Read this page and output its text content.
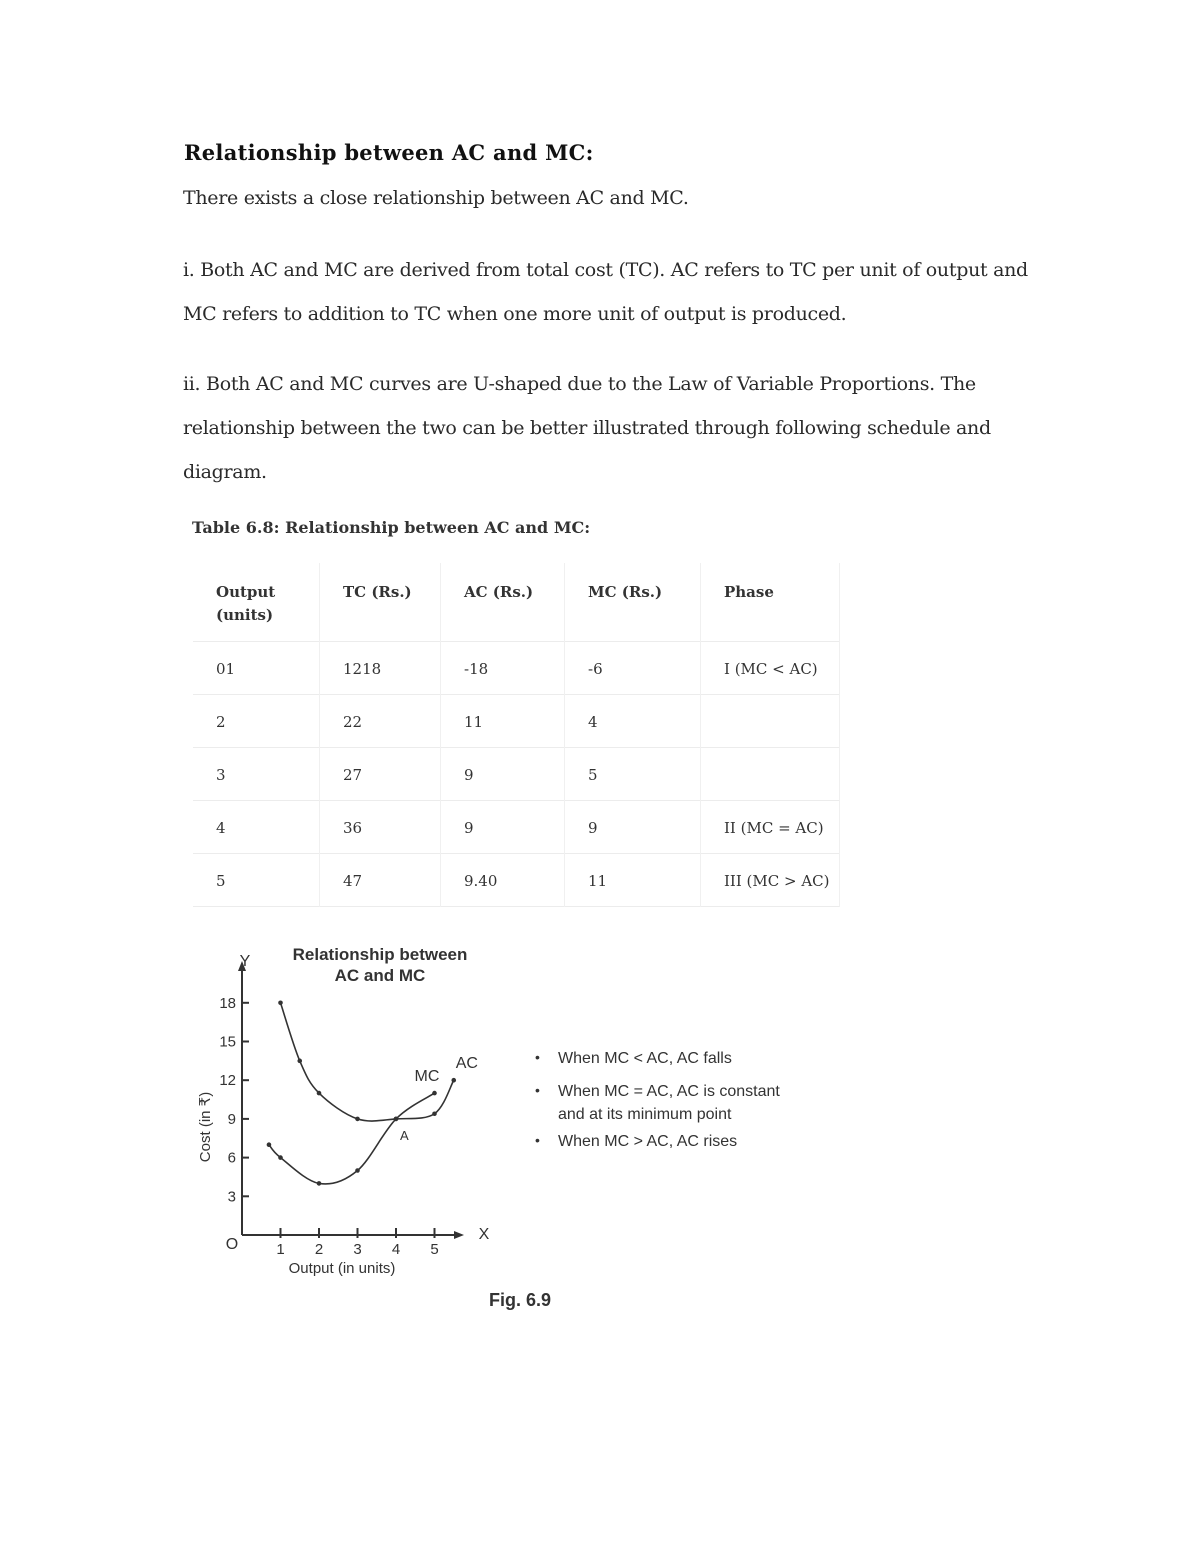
Relationship between AC and MC:
There exists a close relationship between AC and MC.
i. Both AC and MC are derived from total cost (TC). AC refers to TC per unit of output and MC refers to addition to TC when one more unit of output is produced.
ii. Both AC and MC curves are U-shaped due to the Law of Variable Proportions. The relationship between the two can be better illustrated through following schedule and diagram.
Table 6.8: Relationship between AC and MC:
Output (units)	TC (Rs.)	AC (Rs.)	MC (Rs.)	Phase
01	1218	-18	-6	I (MC < AC)
2	22	11	4	
3	27	9	5	
4	36	9	9	II (MC = AC)
5	47	9.40	11	III (MC > AC)
Relationship between
AC and MC
Y
X
O
Output (in units)
Cost (in ₹)
3
6
9
12
15
18
1 2 3 4 5
AC
MC
A
• When MC < AC, AC falls
• When MC = AC, AC is constant
and at its minimum point
• When MC > AC, AC rises
Fig. 6.9
